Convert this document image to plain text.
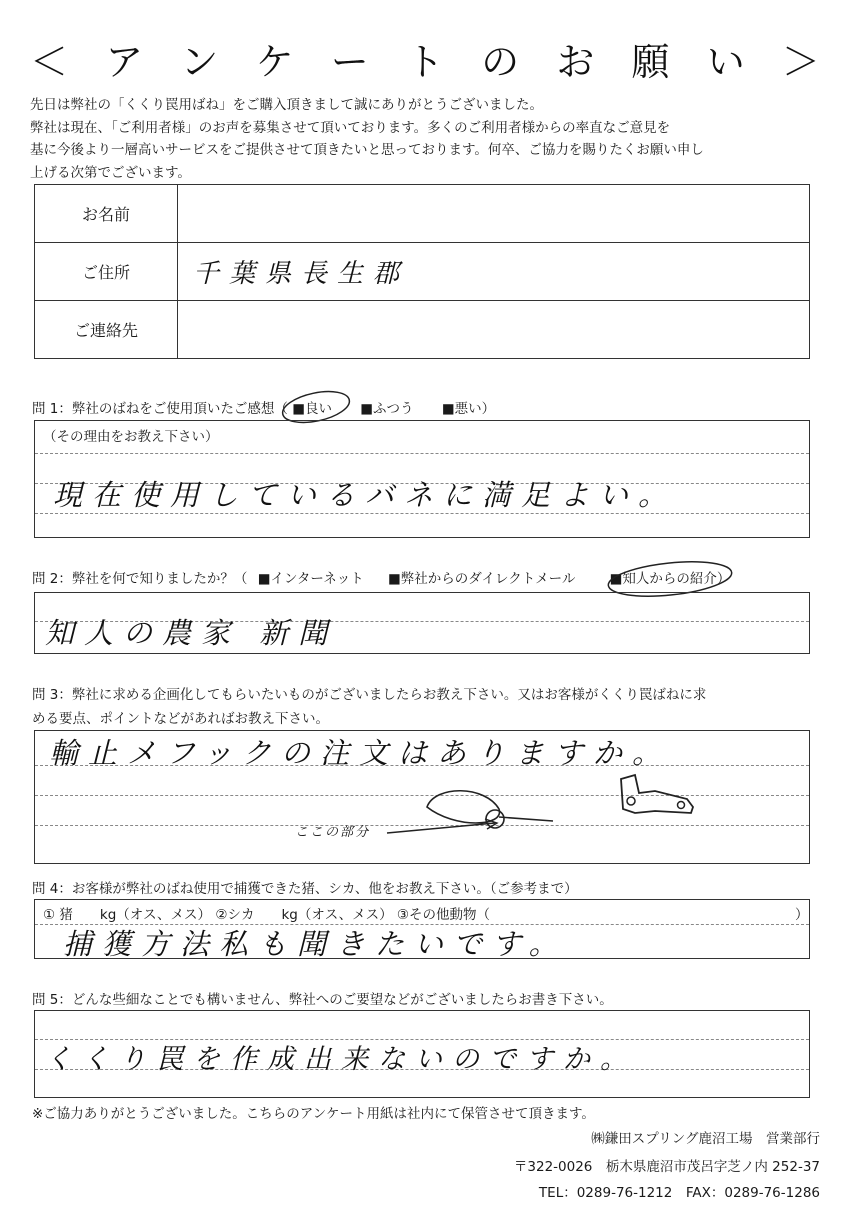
＜ ア ン ケ ー ト の お 願 い ＞

先日は弊社の「くくり罠用ばね」をご購入頂きまして誠にありがとうございました。

弊社は現在、「ご利用者様」のお声を募集させて頂いております。多くのご利用者様からの率直なご意見を

基に今後より一層高いサービスをご提供させて頂きたいと思っております。何卒、ご協力を賜りたくお願い申し

上げる次第でございます。

お名前	
ご住所	千葉県長生郡
ご連絡先	
問 1：弊社のばねをご使用頂いたご感想（ ■良い ■ふつう ■悪い）
（その理由をお教え下さい）
現在使用しているバネに満足よい。
問 2：弊社を何で知りましたか？（ ■インターネット ■弊社からのダイレクトメール	■知人からの紹介）
知人の農家 新聞
問 3：弊社に求める企画化してもらいたいものがございましたらお教え下さい。又はお客様がくくり罠ばねに求
める要点、ポイントなどがあればお教え下さい。
輸止メフックの注文はありますか。
ここの部分
問 4：お客様が弊社のばね使用で捕獲できた猪、シカ、他をお教え下さい。（ご参考まで）
① 猪　　kg（オス、メス） ②シカ　　kg（オス、メス） ③その他動物（	）
捕獲方法私も聞きたいです。
問 5：どんな些細なことでも構いません、弊社へのご要望などがございましたらお書き下さい。
くくり罠を作成出来ないのですか。
※ご協力ありがとうございました。こちらのアンケート用紙は社内にて保管させて頂きます。
㈱鎌田スプリング鹿沼工場　営業部行
〒322-0026　栃木県鹿沼市茂呂字芝ノ内 252-37
TEL：0289-76-1212　FAX：0289-76-1286
